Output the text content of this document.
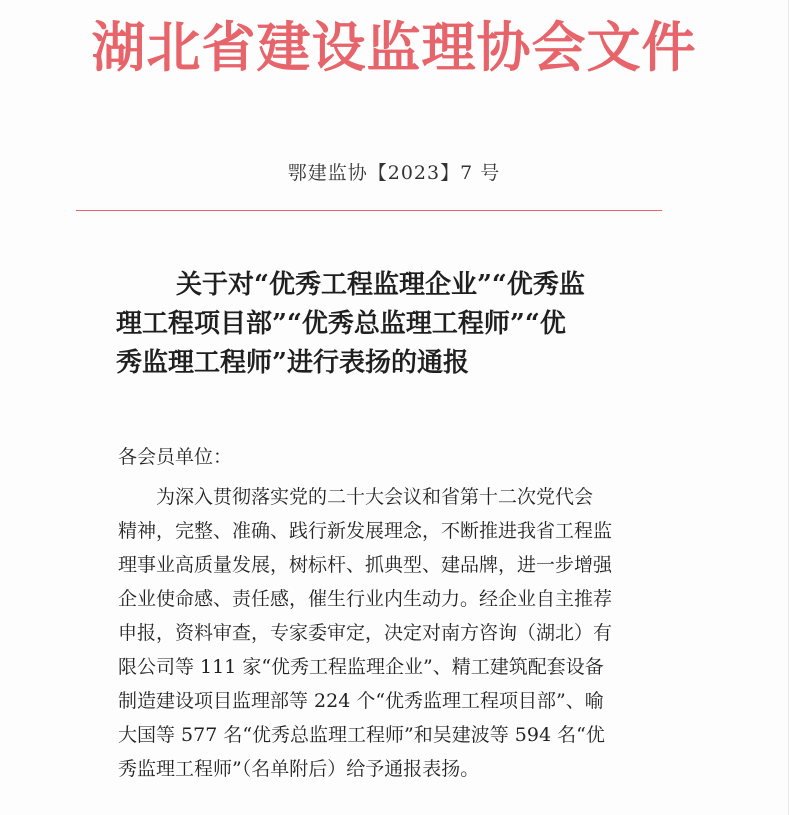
湖北省建设监理协会文件
鄂建监协【2023】7 号
关于对“优秀工程监理企业”“优秀监
理工程项目部”“优秀总监理工程师”“优
秀监理工程师”进行表扬的通报
各会员单位：
为深入贯彻落实党的二十大会议和省第十二次党代会
精神，完整、准确、践行新发展理念，不断推进我省工程监
理事业高质量发展，树标杆、抓典型、建品牌，进一步增强
企业使命感、责任感，催生行业内生动力。经企业自主推荐
申报，资料审查，专家委审定，决定对南方咨询（湖北）有
限公司等 111 家“优秀工程监理企业”、精工建筑配套设备
制造建设项目监理部等 224 个“优秀监理工程项目部”、喻
大国等 577 名“优秀总监理工程师”和吴建波等 594 名“优
秀监理工程师”（名单附后）给予通报表扬。
